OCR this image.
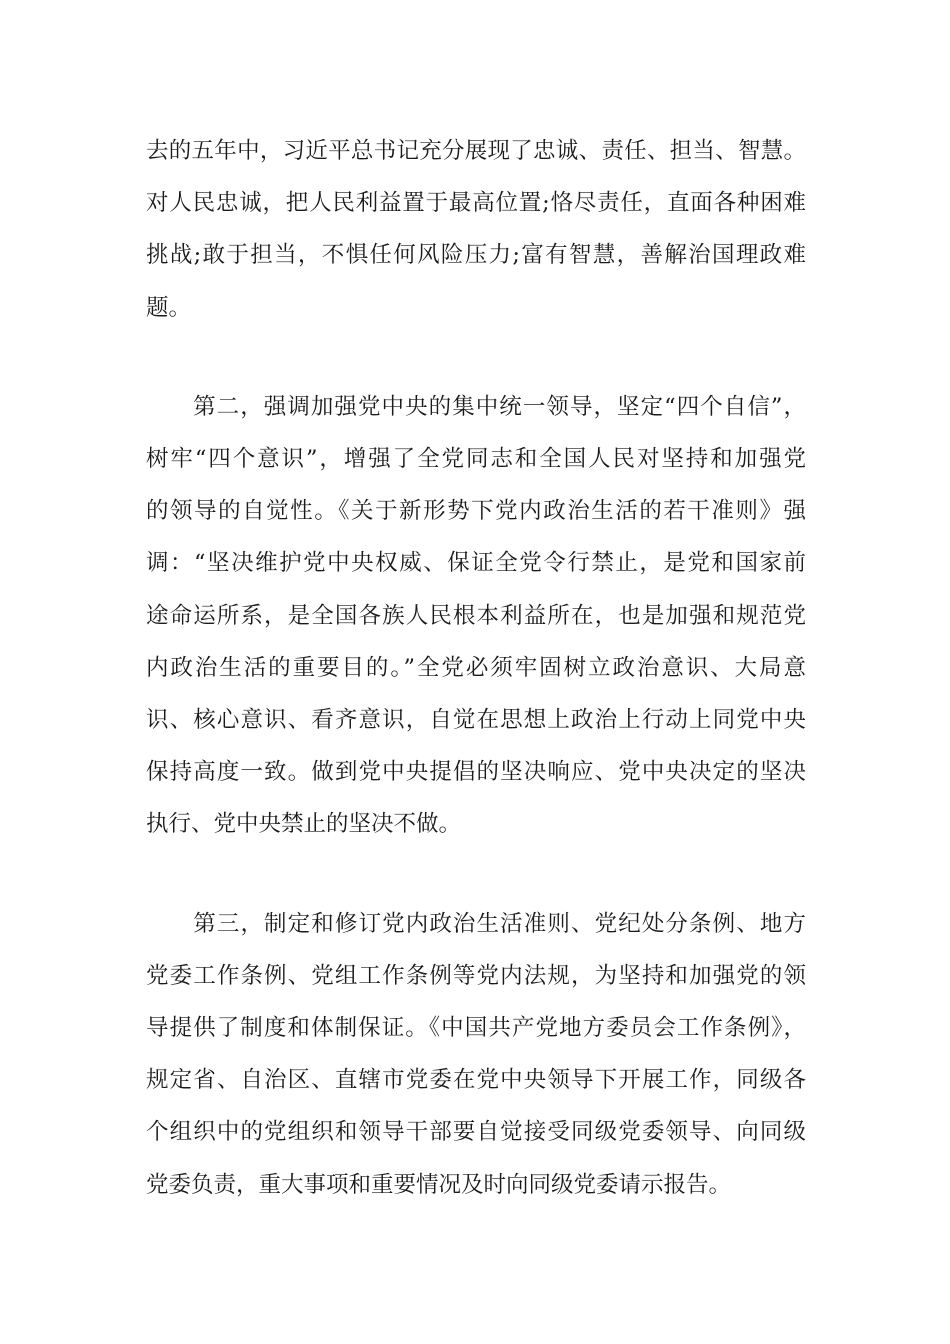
去的五年中，习近平总书记充分展现了忠诚、责任、担当、智慧。
对人民忠诚，把人民利益置于最高位置;恪尽责任，直面各种困难
挑战;敢于担当，不惧任何风险压力;富有智慧，善解治国理政难
题。
　　第二，强调加强党中央的集中统一领导，坚定“四个自信”，
树牢“四个意识”，增强了全党同志和全国人民对坚持和加强党
的领导的自觉性。《关于新形势下党内政治生活的若干准则》强
调：“坚决维护党中央权威、保证全党令行禁止，是党和国家前
途命运所系，是全国各族人民根本利益所在，也是加强和规范党
内政治生活的重要目的。”全党必须牢固树立政治意识、大局意
识、核心意识、看齐意识，自觉在思想上政治上行动上同党中央
保持高度一致。做到党中央提倡的坚决响应、党中央决定的坚决
执行、党中央禁止的坚决不做。
　　第三，制定和修订党内政治生活准则、党纪处分条例、地方
党委工作条例、党组工作条例等党内法规，为坚持和加强党的领
导提供了制度和体制保证。《中国共产党地方委员会工作条例》，
规定省、自治区、直辖市党委在党中央领导下开展工作，同级各
个组织中的党组织和领导干部要自觉接受同级党委领导、向同级
党委负责，重大事项和重要情况及时向同级党委请示报告。
